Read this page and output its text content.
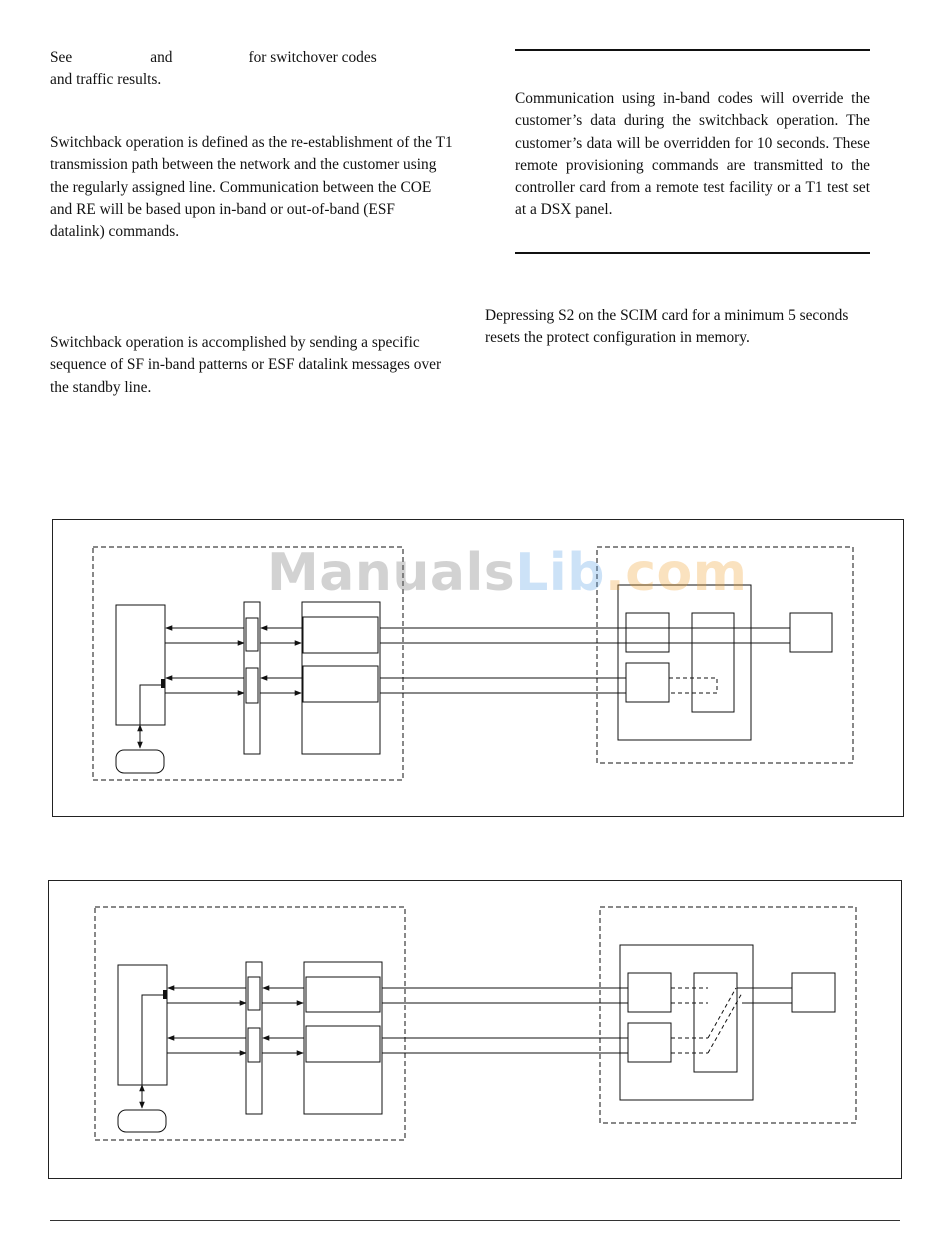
See	and	for switchover codes
and traffic results.

Switchback operation is defined as the re-establishment of the T1 transmission path between the network and the customer using the regularly assigned line. Communication between the COE and RE will be based upon in-band or out-of-band (ESF datalink) commands.

Switchback operation is accomplished by sending a specific sequence of SF in-band patterns or ESF datalink messages over the standby line.

Communication using in-band codes will override the customer’s data during the switchback operation. The customer’s data will be overridden for 10 seconds. These remote provisioning commands are transmitted to the controller card from a remote test facility or a T1 test set at a DSX panel.

Depressing S2 on the SCIM card for a minimum 5 seconds resets the protect configuration in memory.

ManualsLib.com
